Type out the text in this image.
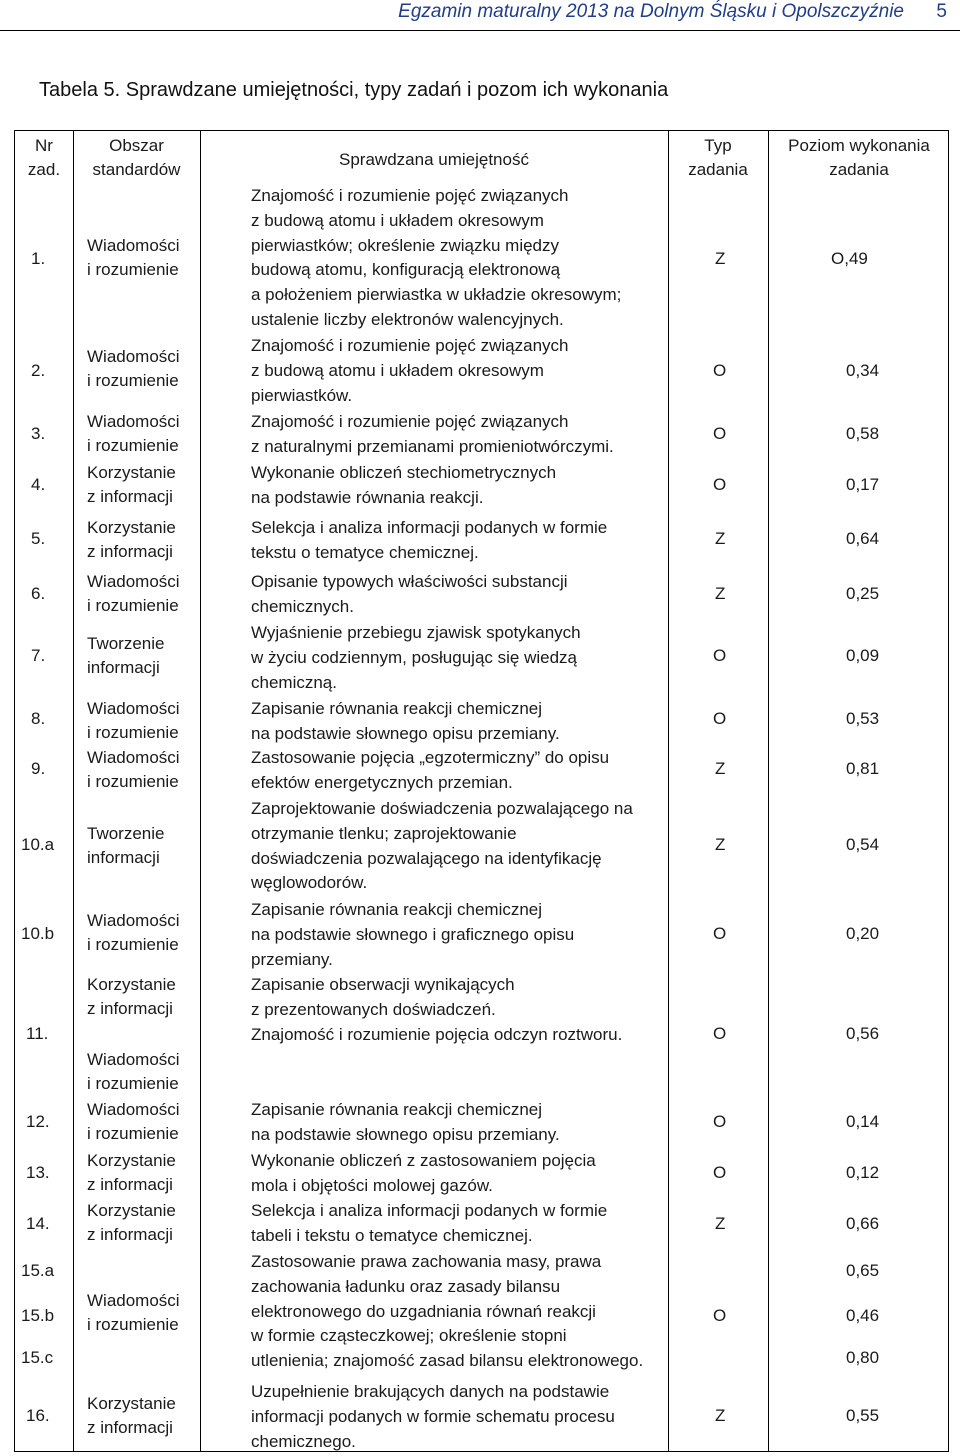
Egzamin maturalny 2013 na Dolnym Śląsku i Opolszczyźnie 5
Tabela 5. Sprawdzane umiejętności, typy zadań i pozom ich wykonania
Nr
zad.
Obszar
standardów
Sprawdzana umiejętność
Typ
zadania
Poziom wykonania
zadania
1.
2.
3.
4.
5.
6.
7.
8.
9.
10.a
10.b
11.
12.
13.
14.
15.a
15.b
15.c
16.
Wiadomości
i rozumienie
Wiadomości
i rozumienie
Wiadomości
i rozumienie
Korzystanie
z informacji
Korzystanie
z informacji
Wiadomości
i rozumienie
Tworzenie
informacji
Wiadomości
i rozumienie
Wiadomości
i rozumienie
Tworzenie
informacji
Wiadomości
i rozumienie
Korzystanie
z informacji
Wiadomości
i rozumienie
Wiadomości
i rozumienie
Korzystanie
z informacji
Korzystanie
z informacji
Wiadomości
i rozumienie
Korzystanie
z informacji
Znajomość i rozumienie pojęć związanych
z budową atomu i układem okresowym
pierwiastków; określenie związku między
budową atomu, konfiguracją elektronową
a położeniem pierwiastka w układzie okresowym;
ustalenie liczby elektronów walencyjnych.
Znajomość i rozumienie pojęć związanych
z budową atomu i układem okresowym
pierwiastków.
Znajomość i rozumienie pojęć związanych
z naturalnymi przemianami promieniotwórczymi.
Wykonanie obliczeń stechiometrycznych
na podstawie równania reakcji.
Selekcja i analiza informacji podanych w formie
tekstu o tematyce chemicznej.
Opisanie typowych właściwości substancji
chemicznych.
Wyjaśnienie przebiegu zjawisk spotykanych
w życiu codziennym, posługując się wiedzą
chemiczną.
Zapisanie równania reakcji chemicznej
na podstawie słownego opisu przemiany.
Zastosowanie pojęcia „egzotermiczny” do opisu
efektów energetycznych przemian.
Zaprojektowanie doświadczenia pozwalającego na
otrzymanie tlenku; zaprojektowanie
doświadczenia pozwalającego na identyfikację
węglowodorów.
Zapisanie równania reakcji chemicznej
na podstawie słownego i graficznego opisu
przemiany.
Zapisanie obserwacji wynikających
z prezentowanych doświadczeń.
Znajomość i rozumienie pojęcia odczyn roztworu.
Zapisanie równania reakcji chemicznej
na podstawie słownego opisu przemiany.
Wykonanie obliczeń z zastosowaniem pojęcia
mola i objętości molowej gazów.
Selekcja i analiza informacji podanych w formie
tabeli i tekstu o tematyce chemicznej.
Zastosowanie prawa zachowania masy, prawa
zachowania ładunku oraz zasady bilansu
elektronowego do uzgadniania równań reakcji
w formie cząsteczkowej; określenie stopni
utlenienia; znajomość zasad bilansu elektronowego.
Uzupełnienie brakujących danych na podstawie
informacji podanych w formie schematu procesu
chemicznego.
Z
O
O
O
Z
Z
O
O
Z
Z
O
O
O
O
Z
O
Z
O,49
0,34
0,58
0,17
0,64
0,25
0,09
0,53
0,81
0,54
0,20
0,56
0,14
0,12
0,66
0,65
0,46
0,80
0,55
